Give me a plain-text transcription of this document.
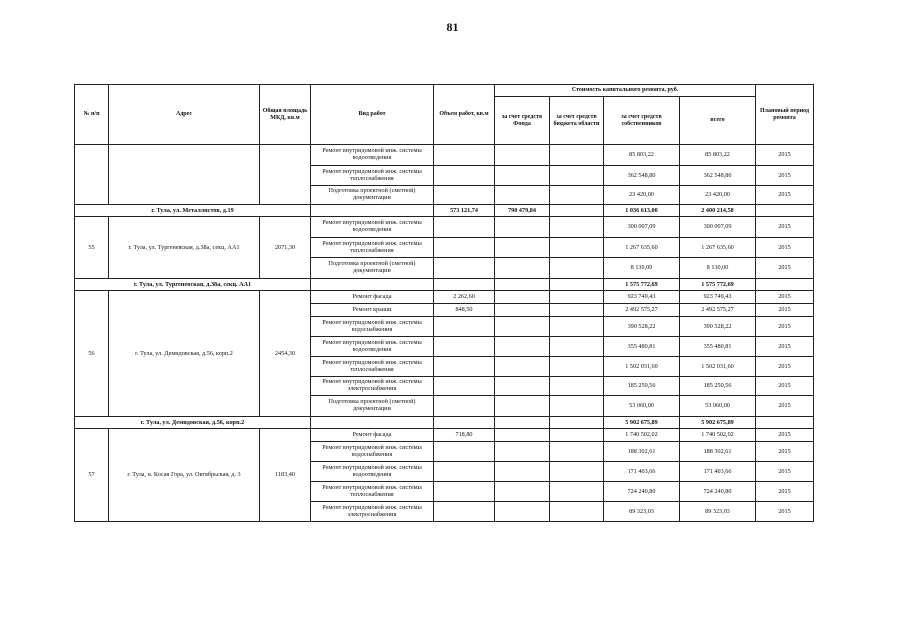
81
№ п/п	Адрес	Общая площадь МКД, кв.м	Вид работ	Объем работ, кв.м	Стоимость капитального ремонта, руб.				Плановый период ремонта
					за счет средств Фонда	за счет средств бюджета области	за счет средств собственников	всего	
			Ремонт внутридомовой инж. системы водоотведения				85 803,22	85 803,22	2015
			Ремонт внутридомовой инж. системы теплоснабжения				362 548,80	362 548,80	2015
			Подготовка проектной (сметной) документации				23 420,00	23 420,00	2015
г. Тула, ул. Металлистов, д.19				573 121,74	790 479,84		1 036 613,00	2 400 214,58	
55	г. Тула, ул. Тургеневская, д.38а, секц. АА1	2071,30	Ремонт внутридомовой инж. системы водоотведения				300 007,09	300 007,09	2015
			Ремонт внутридомовой инж. системы теплоснабжения				1 267 635,60	1 267 635,60	2015
			Подготовка проектной (сметной) документации				8 130,00	8 130,00	2015
г. Тула, ул. Тургеневская, д.38а, секц. АА1							1 575 772,69	1 575 772,69	
56	г. Тула, ул. Демидовская, д.56, корп.2	2454,30	Ремонт фасада	2 262,60			923 749,43	923 749,43	2015
			Ремонт крыши	848,50			2 492 575,27	2 492 575,27	2015
			Ремонт внутридомовой инж. системы водоснабжения				390 528,22	390 528,22	2015
			Ремонт внутридомовой инж. системы водоотведения				355 480,81	355 480,81	2015
			Ремонт внутридомовой инж. системы теплоснабжения				1 502 031,60	1 502 031,60	2015
			Ремонт внутридомовой инж. системы электроснабжения				185 250,56	185 250,56	2015
			Подготовка проектной (сметной) документации				53 060,00	53 060,00	2015
г. Тула, ул. Демидовская, д.56, корп.2							5 902 675,89	5 902 675,89	
57	г. Тула, п. Косая Гора, ул. Октябрьская, д. 3	1183,40	Ремонт фасада	718,80			1 740 502,02	1 740 502,02	2015
			Ремонт внутридомовой инж. системы водоснабжения				188 302,61	188 302,61	2015
			Ремонт внутридомовой инж. системы водоотведения				171 403,66	171 403,66	2015
			Ремонт внутридомовой инж. системы теплоснабжения				724 240,80	724 240,80	2015
			Ремонт внутридомовой инж. системы электроснабжения				89 323,03	89 323,03	2015
